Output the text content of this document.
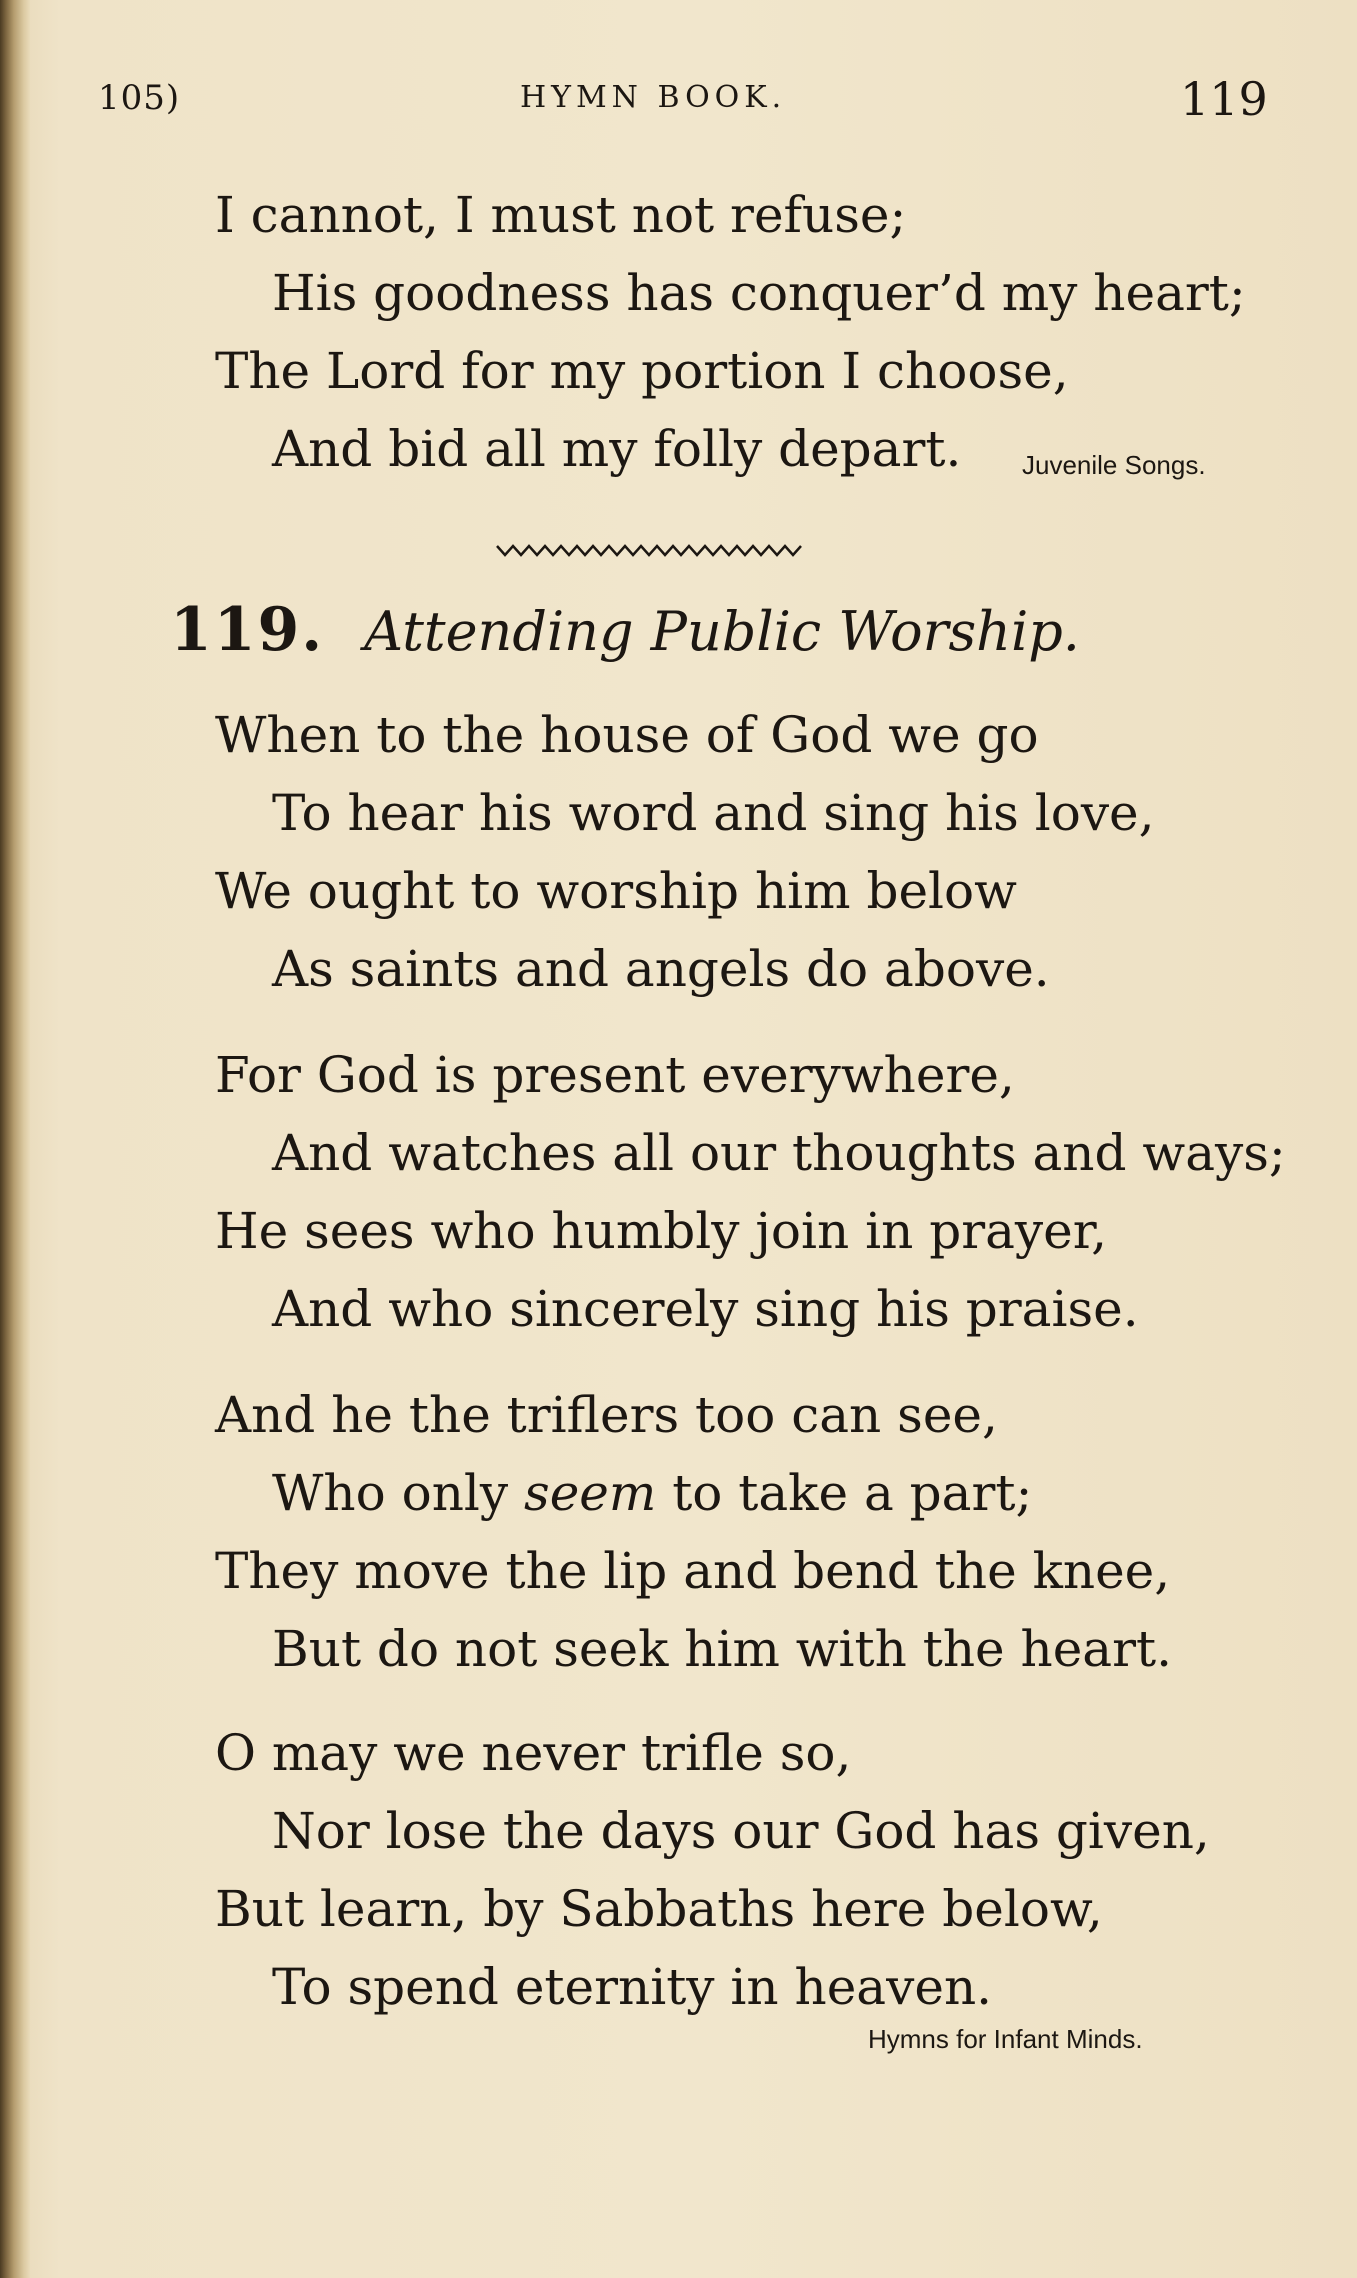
105)	HYMN BOOK.	119
I cannot, I must not refuse;
His goodness has conquer’d my heart;
The Lord for my portion I choose,
And bid all my folly depart. Juvenile Songs.
119. Attending Public Worship.
When to the house of God we go
To hear his word and sing his love,
We ought to worship him below
As saints and angels do above.
For God is present everywhere,
And watches all our thoughts and ways;
He sees who humbly join in prayer,
And who sincerely sing his praise.
And he the triflers too can see,
Who only seem to take a part;
They move the lip and bend the knee,
But do not seek him with the heart.
O may we never trifle so,
Nor lose the days our God has given,
But learn, by Sabbaths here below,
To spend eternity in heaven.
Hymns for Infant Minds.
